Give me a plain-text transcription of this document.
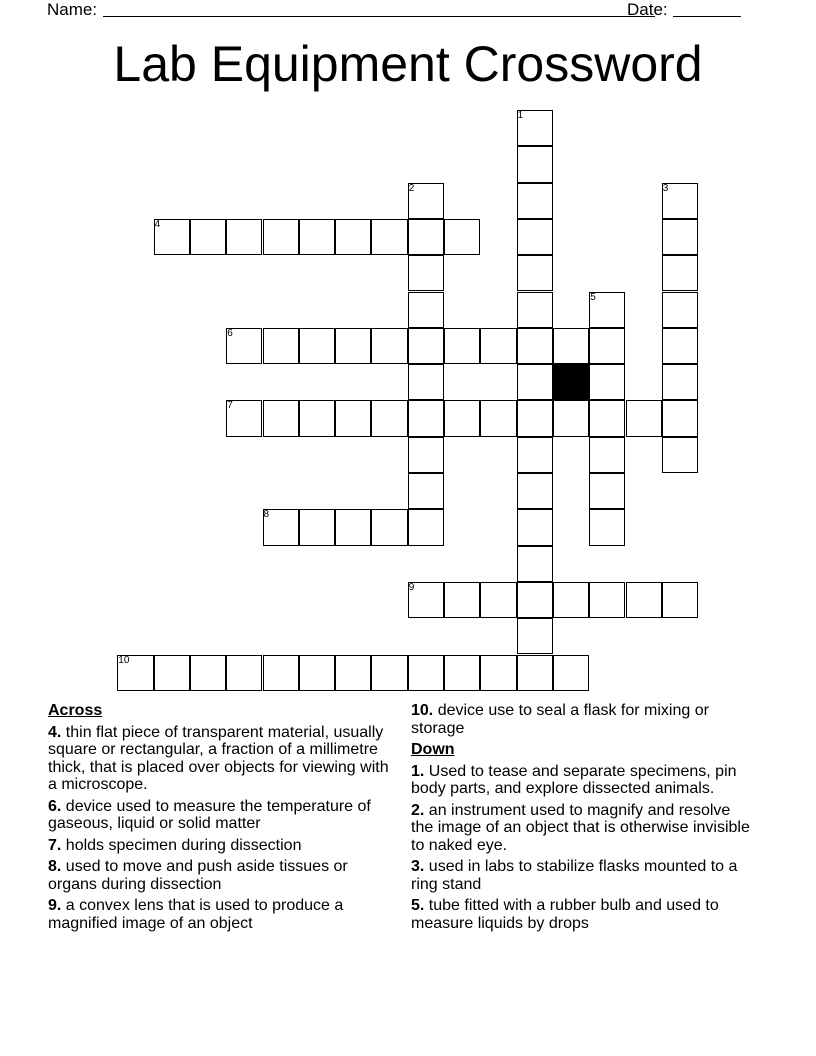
Name:	Date:
Lab Equipment Crossword
1
2	3
4
5
6
7
8
9
10
Across
4. thin flat piece of transparent material, usually square or rectangular, a fraction of a millimetre thick, that is placed over objects for viewing with a microscope.
6. device used to measure the temperature of gaseous, liquid or solid matter
7. holds specimen during dissection
8. used to move and push aside tissues or organs during dissection
9. a convex lens that is used to produce a magnified image of an object
10. device use to seal a flask for mixing or storage
Down
1. Used to tease and separate specimens, pin body parts, and explore dissected animals.
2. an instrument used to magnify and resolve the image of an object that is otherwise invisible to naked eye.
3. used in labs to stabilize flasks mounted to a ring stand
5. tube fitted with a rubber bulb and used to measure liquids by drops
